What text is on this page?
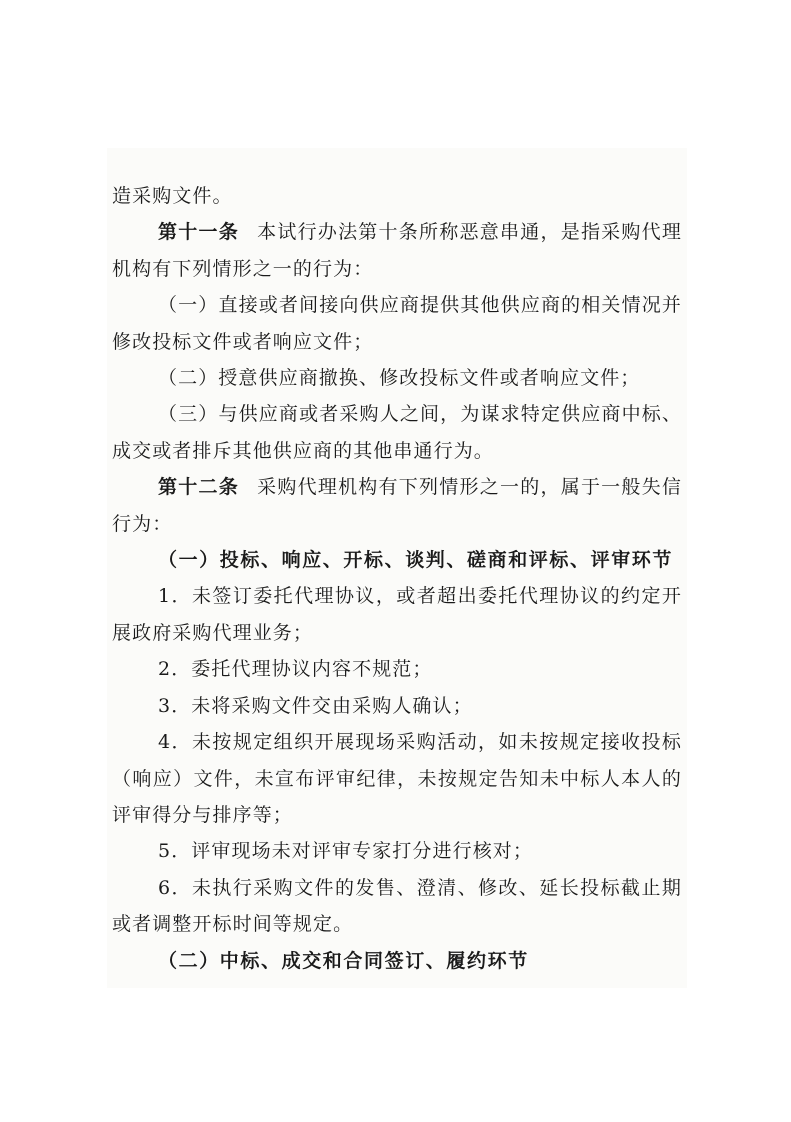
造采购文件。

第十一条 本试行办法第十条所称恶意串通，是指采购代理机构有下列情形之一的行为：

（一）直接或者间接向供应商提供其他供应商的相关情况并修改投标文件或者响应文件；

（二）授意供应商撤换、修改投标文件或者响应文件；

（三）与供应商或者采购人之间，为谋求特定供应商中标、成交或者排斥其他供应商的其他串通行为。

第十二条 采购代理机构有下列情形之一的，属于一般失信行为：

（一）投标、响应、开标、谈判、磋商和评标、评审环节

1．未签订委托代理协议，或者超出委托代理协议的约定开展政府采购代理业务；

2．委托代理协议内容不规范；

3．未将采购文件交由采购人确认；

4．未按规定组织开展现场采购活动，如未按规定接收投标（响应）文件，未宣布评审纪律，未按规定告知未中标人本人的评审得分与排序等；

5．评审现场未对评审专家打分进行核对；

6．未执行采购文件的发售、澄清、修改、延长投标截止期或者调整开标时间等规定。

（二）中标、成交和合同签订、履约环节
